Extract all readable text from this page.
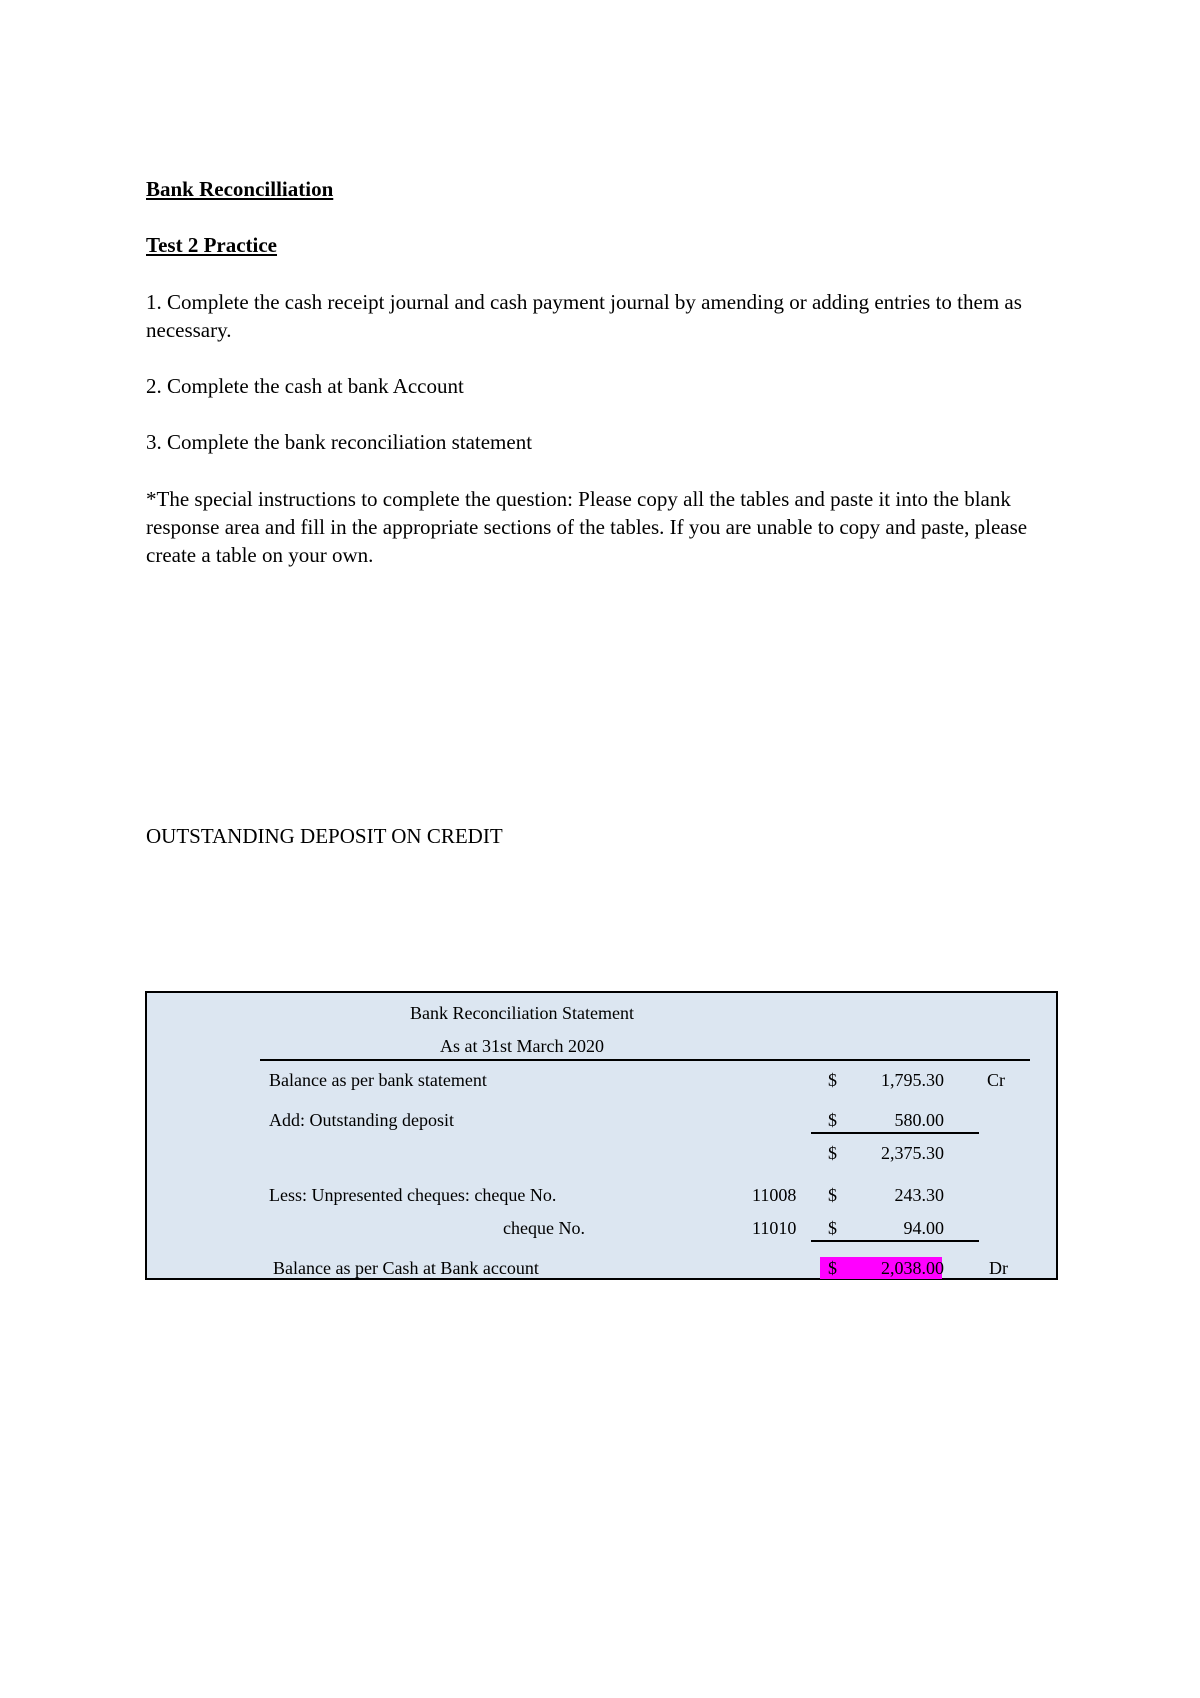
Bank Reconcilliation
Test 2 Practice
1. Complete the cash receipt journal and cash payment journal by amending or adding entries to them as necessary.
2. Complete the cash at bank Account
3. Complete the bank reconciliation statement
*The special instructions to complete the question: Please copy all the tables and paste it into the blank response area and fill in the appropriate sections of the tables. If you are unable to copy and paste, please create a table on your own.
OUTSTANDING DEPOSIT ON CREDIT
Bank Reconciliation Statement
As at 31st March 2020
Balance as per bank statement	$	1,795.30 Cr
Add: Outstanding deposit	$	580.00
$	2,375.30
Less: Unpresented cheques: cheque No.	11008 $	243.30
cheque No.	11010 $	94.00
Balance as per Cash at Bank account	$	2,038.00	Dr
